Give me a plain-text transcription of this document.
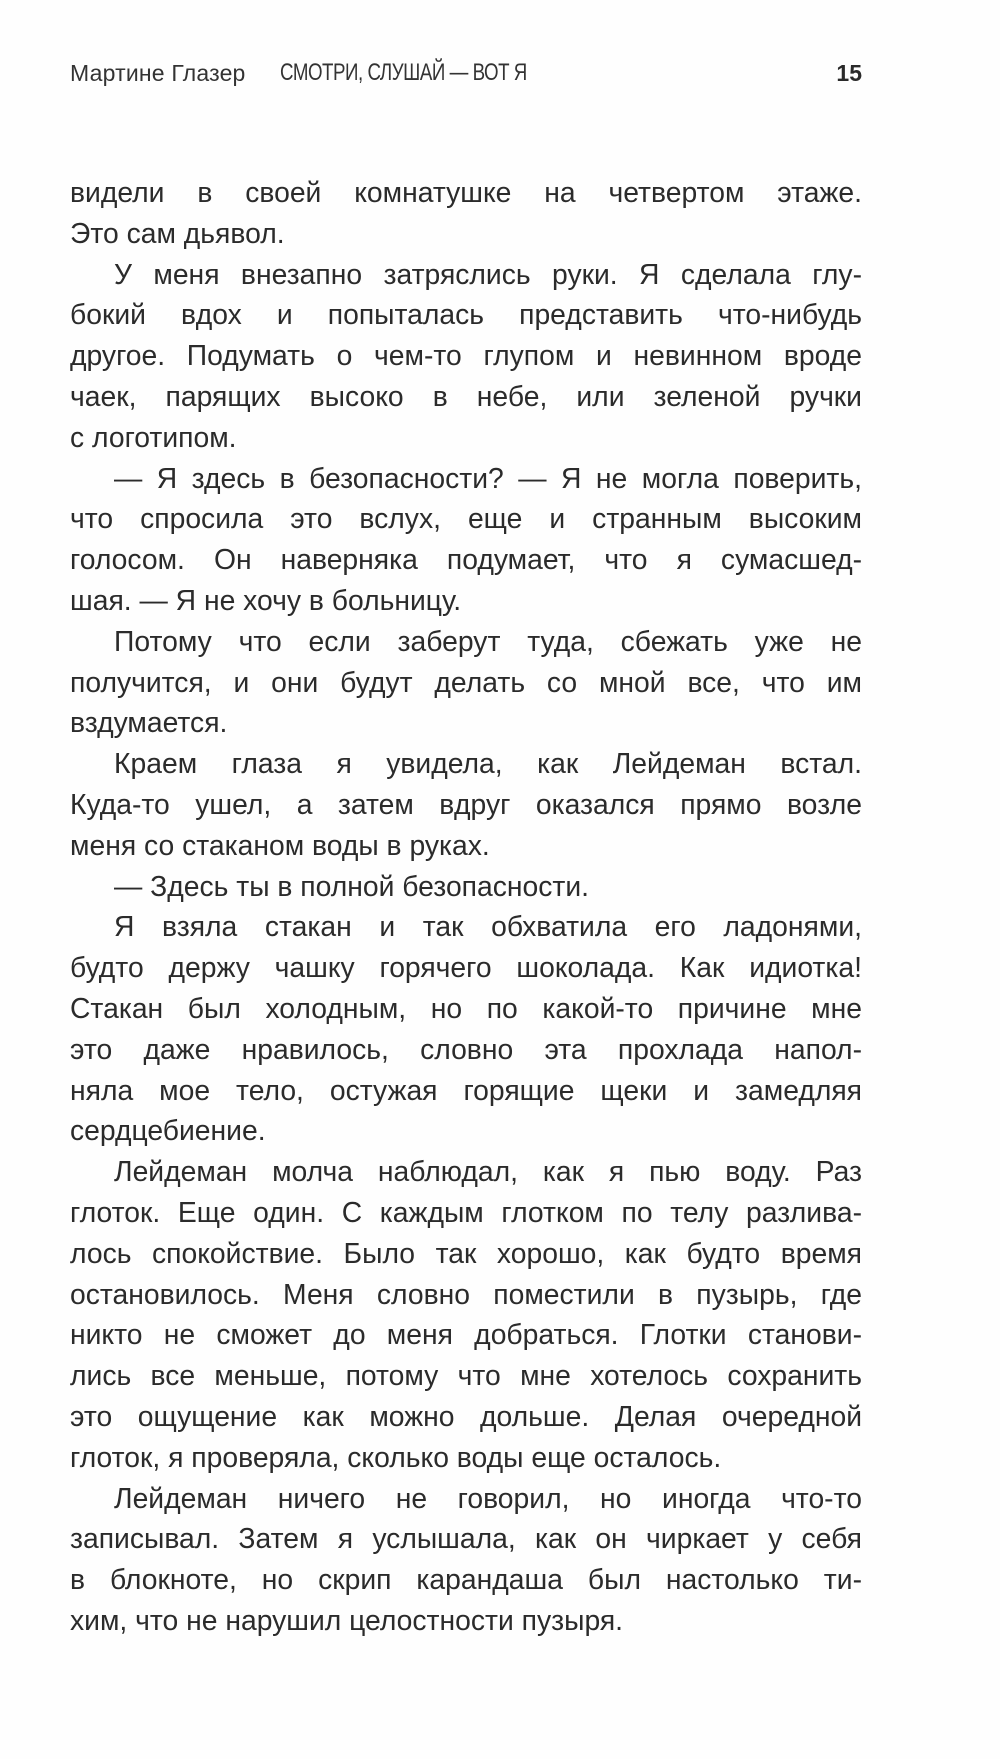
Мартине Глазер СМОТРИ, СЛУШАЙ — ВОТ Я	15
видели в своей комнатушке на четвертом этаже.
Это сам дьявол.
У меня внезапно затряслись руки. Я сделала глу-
бокий вдох и попыталась представить что-нибудь
другое. Подумать о чем-то глупом и невинном вроде
чаек, парящих высоко в небе, или зеленой ручки
с логотипом.
— Я здесь в безопасности? — Я не могла поверить,
что спросила это вслух, еще и странным высоким
голосом. Он наверняка подумает, что я сумасшед-
шая. — Я не хочу в больницу.
Потому что если заберут туда, сбежать уже не
получится, и они будут делать со мной все, что им
вздумается.
Краем глаза я увидела, как Лейдеман встал.
Куда-то ушел, а затем вдруг оказался прямо возле
меня со стаканом воды в руках.
— Здесь ты в полной безопасности.
Я взяла стакан и так обхватила его ладонями,
будто держу чашку горячего шоколада. Как идиотка!
Стакан был холодным, но по какой-то причине мне
это даже нравилось, словно эта прохлада напол-
няла мое тело, остужая горящие щеки и замедляя
сердцебиение.
Лейдеман молча наблюдал, как я пью воду. Раз
глоток. Еще один. С каждым глотком по телу разлива-
лось спокойствие. Было так хорошо, как будто время
остановилось. Меня словно поместили в пузырь, где
никто не сможет до меня добраться. Глотки станови-
лись все меньше, потому что мне хотелось сохранить
это ощущение как можно дольше. Делая очередной
глоток, я проверяла, сколько воды еще осталось.
Лейдеман ничего не говорил, но иногда что-то
записывал. Затем я услышала, как он чиркает у себя
в блокноте, но скрип карандаша был настолько ти-
хим, что не нарушил целостности пузыря.
